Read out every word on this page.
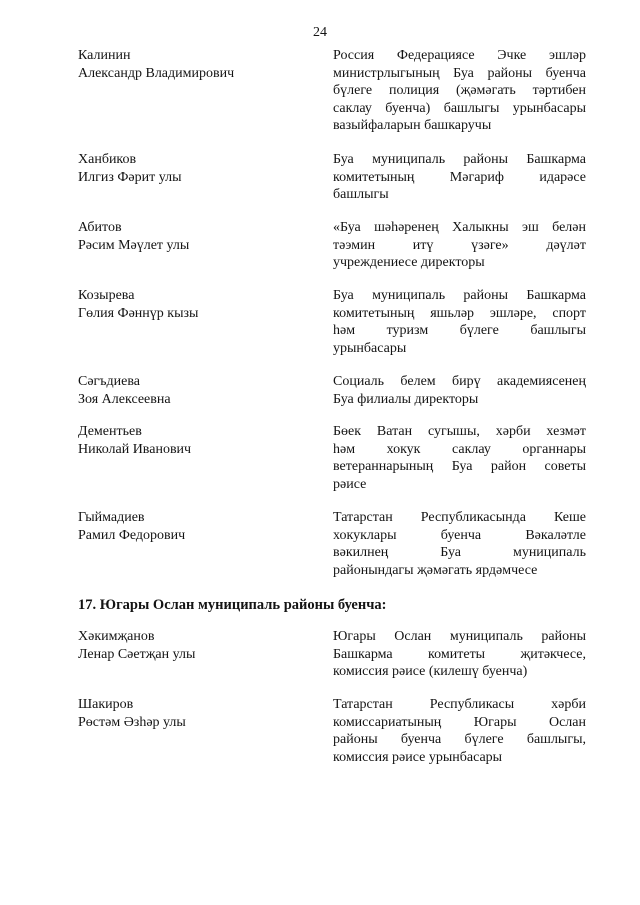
24
Калинин
Александр Владимирович
Россия Федерациясе Эчке эшләр
министрлыгының Буа районы буенча
бүлеге полиция (җәмәгать тәртибен
саклау буенча) башлыгы урынбасары
вазыйфаларын башкаручы
Ханбиков
Илгиз Фәрит улы
Буа муниципаль районы Башкарма
комитетының Мәгариф идарәсе
башлыгы
Абитов
Рәсим Мәүлет улы
«Буа шәһәренең Халыкны эш белән
тәэмин итү үзәге» дәүләт
учреждениесе директоры
Козырева
Гөлия Фәннүр кызы
Буа муниципаль районы Башкарма
комитетының яшьләр эшләре, спорт
һәм туризм бүлеге башлыгы
урынбасары
Сәгъдиева
Зоя Алексеевна
Социаль белем бирү академиясенең
Буа филиалы директоры
Дементьев
Николай Иванович
Бөек Ватан сугышы, хәрби хезмәт
һәм хокук саклау органнары
ветераннарының Буа район советы
рәисе
Гыймадиев
Рамил Федорович
Татарстан Республикасында Кеше
хокуклары буенча Вәкаләтле
вәкилнең Буа муниципаль
районындагы җәмәгать ярдәмчесе
17. Югары Ослан муниципаль районы буенча:
Хәкимҗанов
Ленар Сәетҗан улы
Югары Ослан муниципаль районы
Башкарма комитеты җитәкчесе,
комиссия рәисе (килешү буенча)
Шакиров
Рөстәм Әзһәр улы
Татарстан Республикасы хәрби
комиссариатының Югары Ослан
районы буенча бүлеге башлыгы,
комиссия рәисе урынбасары
